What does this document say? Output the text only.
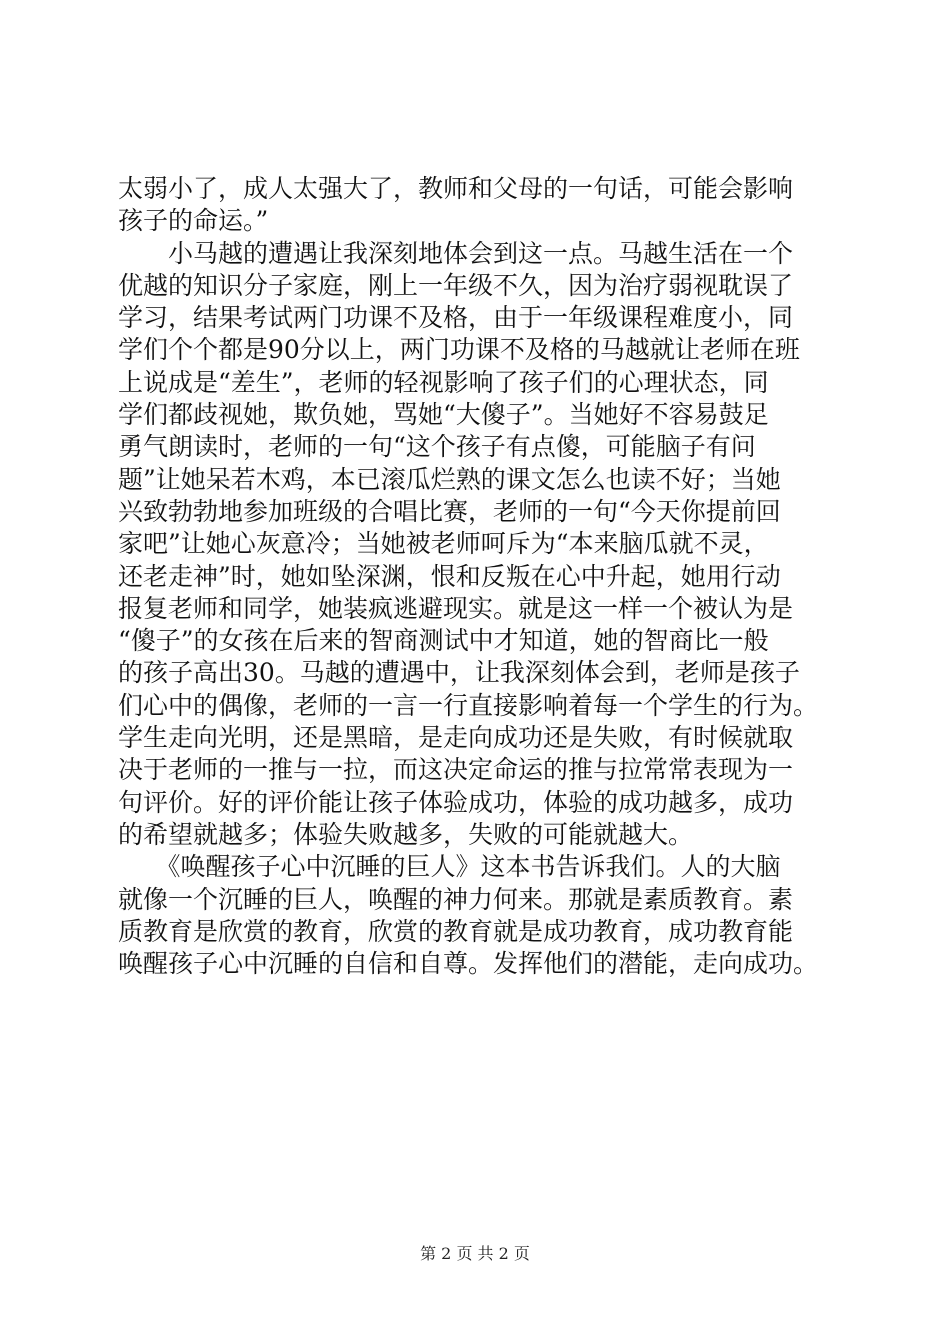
太弱小了，成人太强大了，教师和父母的一句话，可能会影响
孩子的命运。”
　　小马越的遭遇让我深刻地体会到这一点。马越生活在一个
优越的知识分子家庭，刚上一年级不久，因为治疗弱视耽误了
学习，结果考试两门功课不及格，由于一年级课程难度小，同
学们个个都是90分以上，两门功课不及格的马越就让老师在班
上说成是“差生”，老师的轻视影响了孩子们的心理状态，同
学们都歧视她，欺负她，骂她“大傻子”。当她好不容易鼓足
勇气朗读时，老师的一句“这个孩子有点傻，可能脑子有问
题”让她呆若木鸡，本已滚瓜烂熟的课文怎么也读不好；当她
兴致勃勃地参加班级的合唱比赛，老师的一句“今天你提前回
家吧”让她心灰意冷；当她被老师呵斥为“本来脑瓜就不灵，
还老走神”时，她如坠深渊，恨和反叛在心中升起，她用行动
报复老师和同学，她装疯逃避现实。就是这一样一个被认为是
“傻子”的女孩在后来的智商测试中才知道，她的智商比一般
的孩子高出30。马越的遭遇中，让我深刻体会到，老师是孩子
们心中的偶像，老师的一言一行直接影响着每一个学生的行为。
学生走向光明，还是黑暗，是走向成功还是失败，有时候就取
决于老师的一推与一拉，而这决定命运的推与拉常常表现为一
句评价。好的评价能让孩子体验成功，体验的成功越多，成功
的希望就越多；体验失败越多，失败的可能就越大。
　　《唤醒孩子心中沉睡的巨人》这本书告诉我们。人的大脑
就像一个沉睡的巨人，唤醒的神力何来。那就是素质教育。素
质教育是欣赏的教育，欣赏的教育就是成功教育，成功教育能
唤醒孩子心中沉睡的自信和自尊。发挥他们的潜能，走向成功。
第 2 页 共 2 页
